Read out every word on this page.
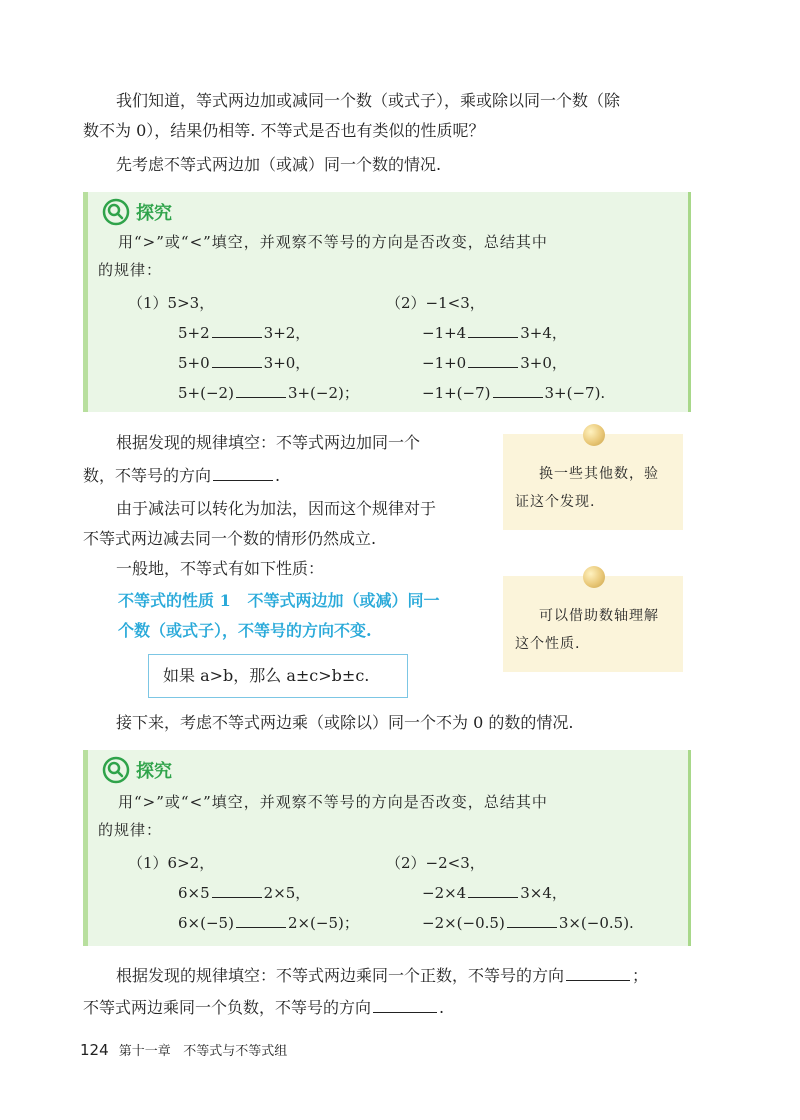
我们知道，等式两边加或减同一个数（或式子），乘或除以同一个数（除

数不为 0），结果仍相等. 不等式是否也有类似的性质呢？

先考虑不等式两边加（或减）同一个数的情况.

探究

用“>”或“<”填空，并观察不等号的方向是否改变，总结其中

的规律：

（1）5>3，
5+2	3+2，
5+0	3+0，
5+(−2)	3+(−2)；
（2）−1<3，
−1+4	3+4，
−1+0	3+0，
−1+(−7)	3+(−7).

根据发现的规律填空：不等式两边加同一个

数，不等号的方向	.

由于减法可以转化为加法，因而这个规律对于

不等式两边减去同一个数的情形仍然成立.

一般地，不等式有如下性质：

换一些其他数，验
证这个发现.

可以借助数轴理解
这个性质.

不等式的性质 1 不等式两边加（或减）同一
个数（或式子），不等号的方向不变.

如果 a>b，那么 a±c>b±c.

接下来，考虑不等式两边乘（或除以）同一个不为 0 的数的情况.

探究

用“>”或“<”填空，并观察不等号的方向是否改变，总结其中

的规律：

（1）6>2，
6×5	2×5，
6×(−5)	2×(−5)；
（2）−2<3，
−2×4	3×4，
−2×(−0.5)	3×(−0.5).

根据发现的规律填空：不等式两边乘同一个正数，不等号的方向	；

不等式两边乘同一个负数，不等号的方向	.

124 第十一章 不等式与不等式组
